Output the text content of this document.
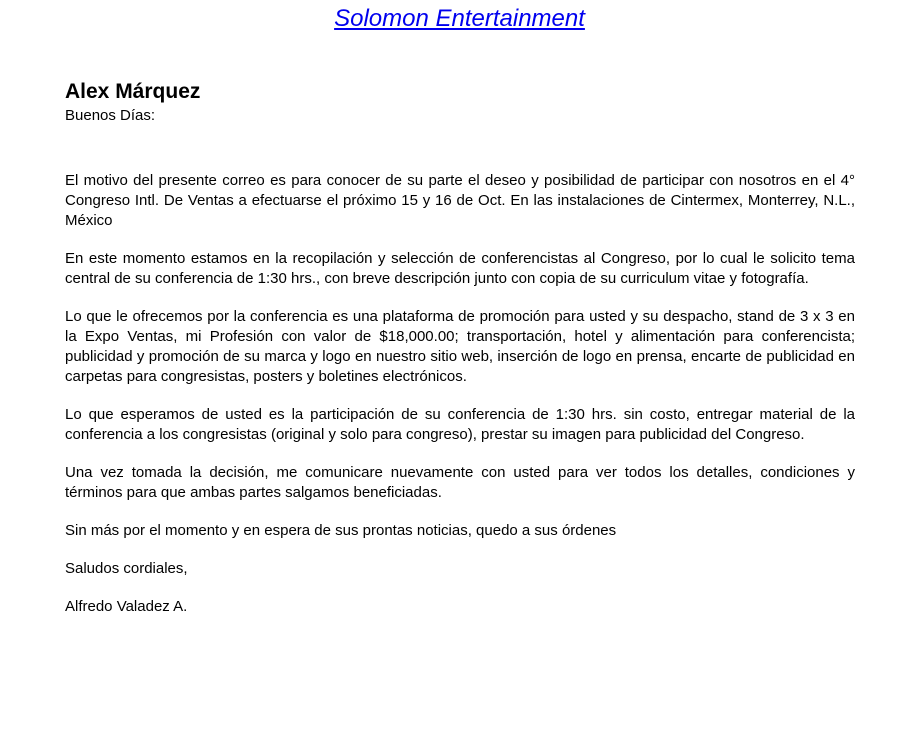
Solomon Entertainment
Alex Márquez
Buenos Días:

El motivo del presente correo es para conocer de su parte el deseo y posibilidad de participar con nosotros en el 4° Congreso Intl. De Ventas a efectuarse el próximo 15 y 16 de Oct. En las instalaciones de Cintermex, Monterrey, N.L., México

En este momento estamos en la recopilación y selección de conferencistas al Congreso, por lo cual le solicito tema central de su conferencia de 1:30 hrs., con breve descripción junto con copia de su curriculum vitae y fotografía.

Lo que le ofrecemos por la conferencia es una plataforma de promoción para usted y su despacho, stand de 3 x 3 en la Expo Ventas, mi Profesión con valor de $18,000.00; transportación, hotel y alimentación para conferencista; publicidad y promoción de su marca y logo en nuestro sitio web, inserción de logo en prensa, encarte de publicidad en carpetas para congresistas, posters y boletines electrónicos.

Lo que esperamos de usted es la participación de su conferencia de 1:30 hrs. sin costo, entregar material de la conferencia a los congresistas (original y solo para congreso), prestar su imagen para publicidad del Congreso.

Una vez tomada la decisión, me comunicare nuevamente con usted para ver todos los detalles, condiciones y términos para que ambas partes salgamos beneficiadas.

Sin más por el momento y en espera de sus prontas noticias, quedo a sus órdenes

Saludos cordiales,

Alfredo Valadez A.
